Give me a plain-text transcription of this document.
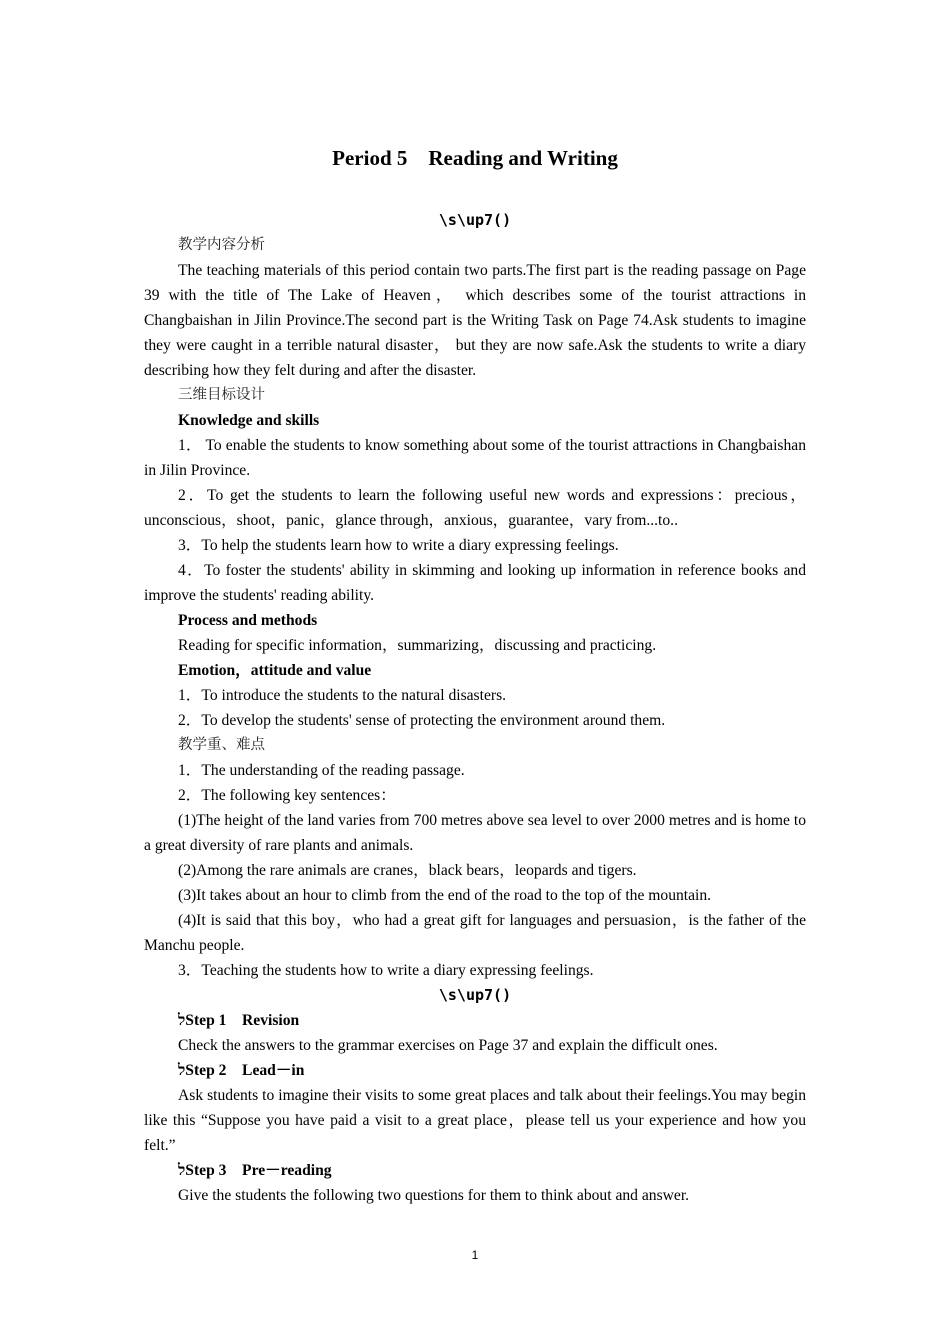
Period 5　Reading and Writing

\s\up7()

教学内容分析

The teaching materials of this period contain two parts.The first part is the reading passage on Page 39 with the title of The Lake of Heaven， which describes some of the tourist attractions in Changbaishan in Jilin Province.The second part is the Writing Task on Page 74.Ask students to imagine they were caught in a terrible natural disaster， but they are now safe.Ask the students to write a diary describing how they felt during and after the disaster.

三维目标设计

Knowledge and skills

1． To enable the students to know something about some of the tourist attractions in Changbaishan in Jilin Province.

2．To get the students to learn the following useful new words and expressions：precious，unconscious，shoot，panic，glance through，anxious，guarantee，vary from...to..

3．To help the students learn how to write a diary expressing feelings.

4．To foster the students' ability in skimming and looking up information in reference books and improve the students' reading ability.

Process and methods

Reading for specific information，summarizing，discussing and practicing.

Emotion，attitude and value

1．To introduce the students to the natural disasters.

2．To develop the students' sense of protecting the environment around them.

教学重、难点

1．The understanding of the reading passage.

2．The following key sentences：

(1)The height of the land varies from 700 metres above sea level to over 2000 metres and is home to a great diversity of rare plants and animals.

(2)Among the rare animals are cranes，black bears，leopards and tigers.

(3)It takes about an hour to climb from the end of the road to the top of the mountain.

(4)It is said that this boy，who had a great gift for languages and persuasion，is the father of the Manchu people.

3．Teaching the students how to write a diary expressing feelings.

\s\up7()

לStep 1　Revision

Check the answers to the grammar exercises on Page 37 and explain the difficult ones.

לStep 2　Lead－in

Ask students to imagine their visits to some great places and talk about their feelings.You may begin like this “Suppose you have paid a visit to a great place，please tell us your experience and how you felt.”

לStep 3　Pre－reading

Give the students the following two questions for them to think about and answer.

1
